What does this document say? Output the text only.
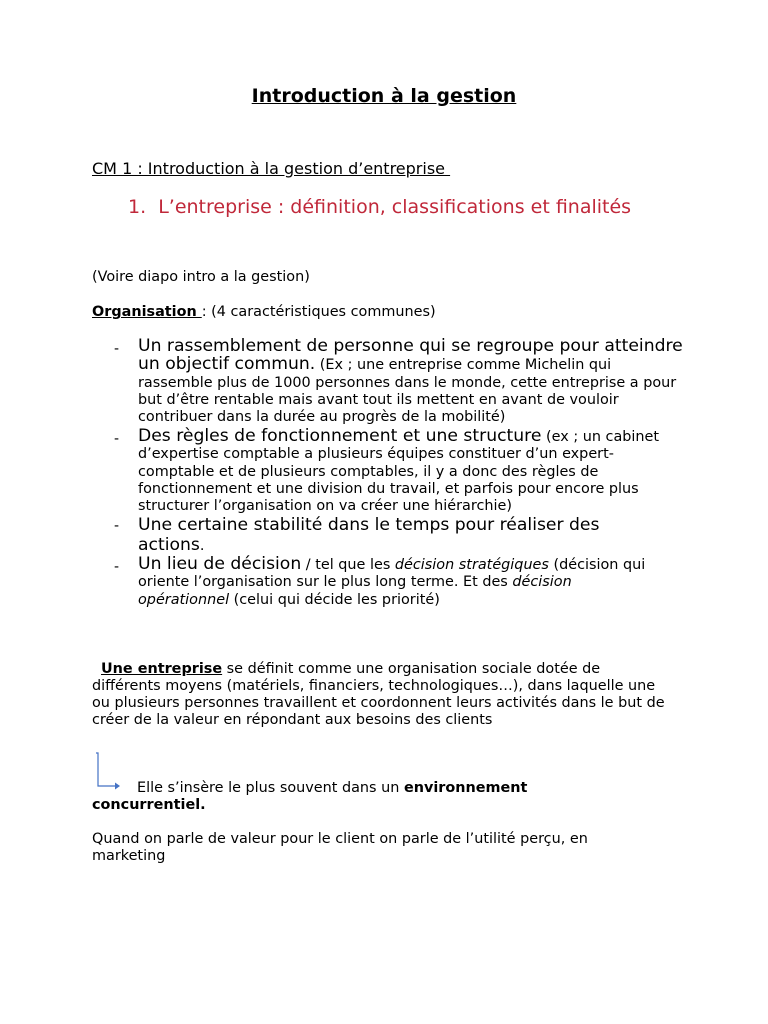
Introduction à la gestion
CM 1 : Introduction à la gestion d’entreprise
1. L’entreprise : définition, classifications et finalités
(Voire diapo intro a la gestion)
Organisation : (4 caractéristiques communes)
- Un rassemblement de personne qui se regroupe pour atteindre un objectif commun. (Ex ; une entreprise comme Michelin qui rassemble plus de 1000 personnes dans le monde, cette entreprise a pour but d’être rentable mais avant tout ils mettent en avant de vouloir contribuer dans la durée au progrès de la mobilité)
- Des règles de fonctionnement et une structure (ex ; un cabinet d’expertise comptable a plusieurs équipes constituer d’un expert-comptable et de plusieurs comptables, il y a donc des règles de fonctionnement et une division du travail, et parfois pour encore plus structurer l’organisation on va créer une hiérarchie)
- Une certaine stabilité dans le temps pour réaliser des actions.
- Un lieu de décision / tel que les décision stratégiques (décision qui oriente l’organisation sur le plus long terme. Et des décision opérationnel (celui qui décide les priorité)
Une entreprise se définit comme une organisation sociale dotée de différents moyens (matériels, financiers, technologiques…), dans laquelle une ou plusieurs personnes travaillent et coordonnent leurs activités dans le but de créer de la valeur en répondant aux besoins des clients
Elle s’insère le plus souvent dans un environnement concurrentiel.
Quand on parle de valeur pour le client on parle de l’utilité perçu, en marketing
